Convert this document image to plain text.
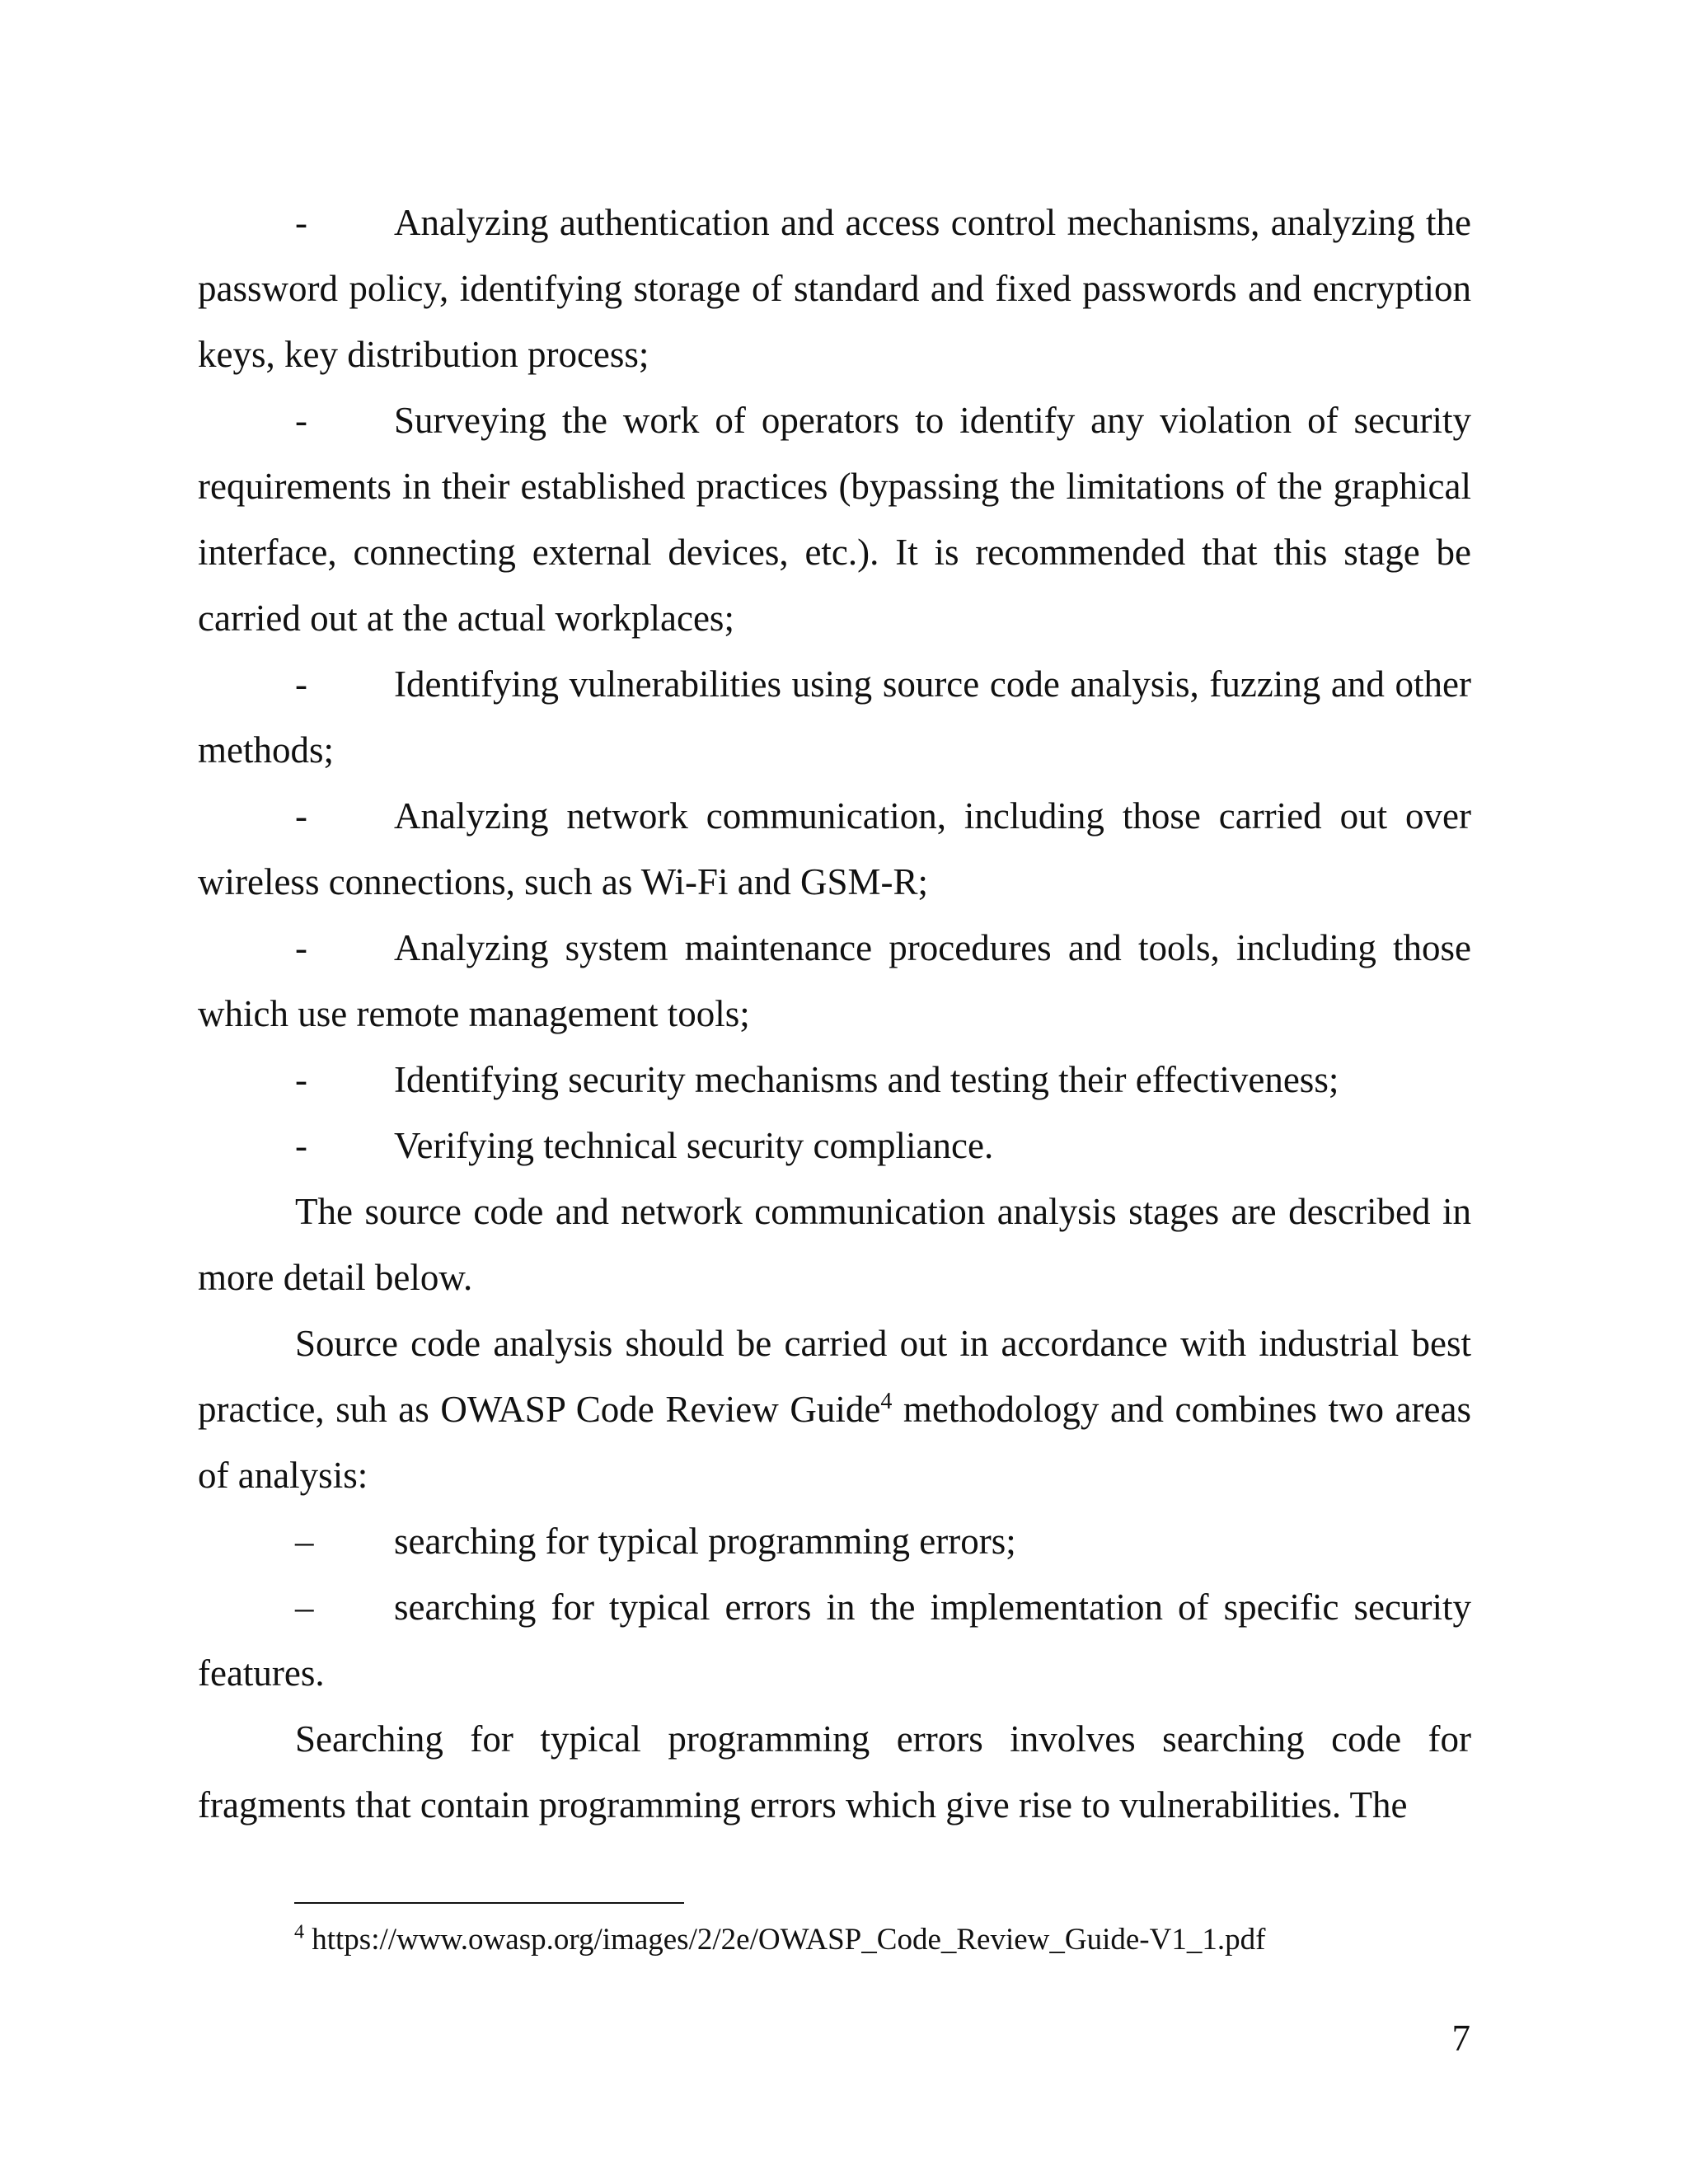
- Analyzing authentication and access control mechanisms, analyzing the password policy, identifying storage of standard and fixed passwords and encryption keys, key distribution process;

- Surveying the work of operators to identify any violation of security requirements in their established practices (bypassing the limitations of the graphical interface, connecting external devices, etc.). It is recommended that this stage be carried out at the actual workplaces;

- Identifying vulnerabilities using source code analysis, fuzzing and other methods;

- Analyzing network communication, including those carried out over wireless connections, such as Wi-Fi and GSM-R;

- Analyzing system maintenance procedures and tools, including those which use remote management tools;

- Identifying security mechanisms and testing their effectiveness;

- Verifying technical security compliance.

The source code and network communication analysis stages are described in more detail below.

Source code analysis should be carried out in accordance with industrial best practice, suh as OWASP Code Review Guide$^4$ methodology and combines two areas of analysis:

– searching for typical programming errors;

– searching for typical errors in the implementation of specific security features.

Searching for typical programming errors involves searching code for fragments that contain programming errors which give rise to vulnerabilities. The

$^4$ https://www.owasp.org/images/2/2e/OWASP_Code_Review_Guide-V1_1.pdf
7
